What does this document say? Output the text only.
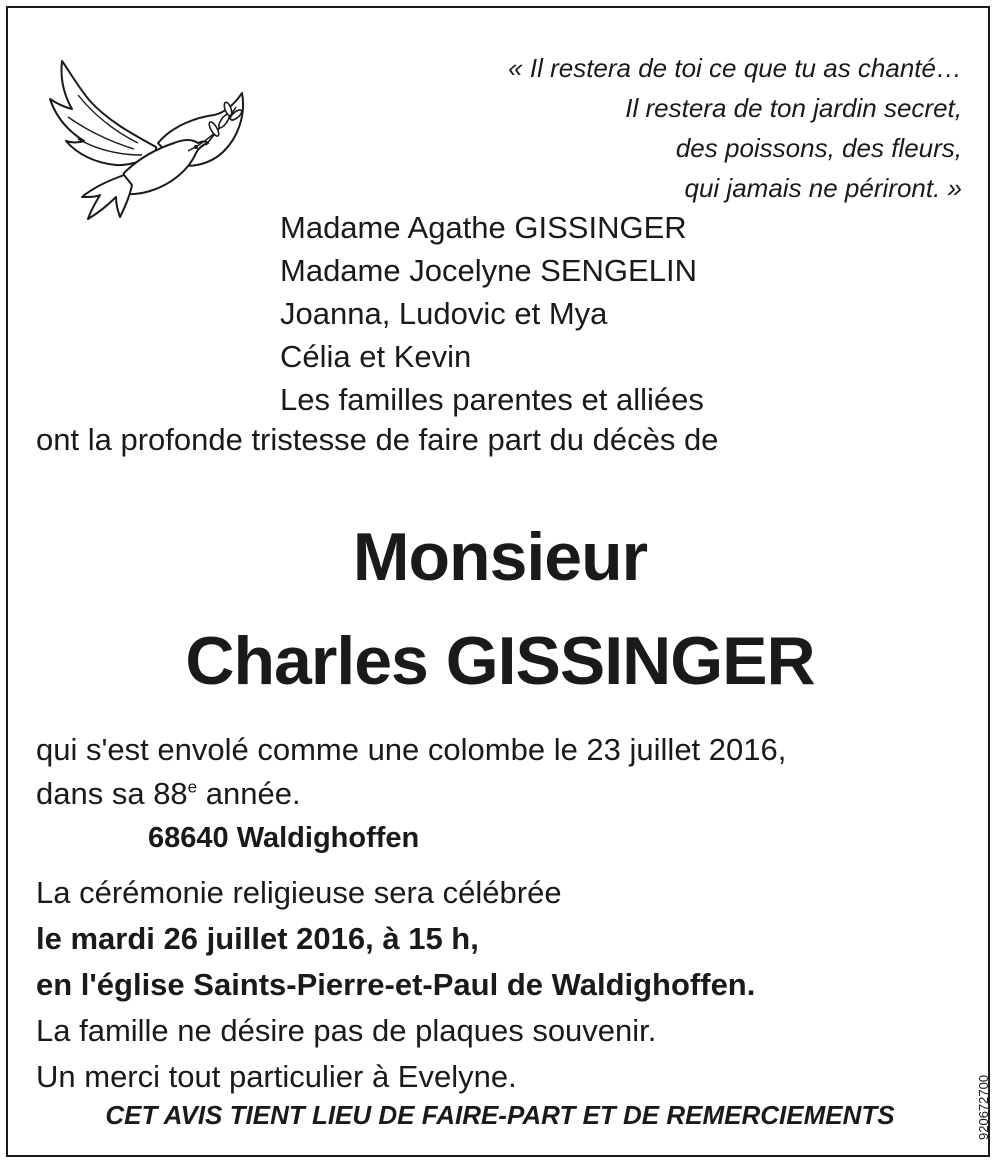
« Il restera de toi ce que tu as chanté…
Il restera de ton jardin secret,
des poissons, des fleurs,
qui jamais ne périront. »
Madame Agathe GISSINGER
Madame Jocelyne SENGELIN
Joanna, Ludovic et Mya
Célia et Kevin
Les familles parentes et alliées
ont la profonde tristesse de faire part du décès de
Monsieur
Charles GISSINGER
qui s'est envolé comme une colombe le 23 juillet 2016,
dans sa 88e année.
68640 Waldighoffen
La cérémonie religieuse sera célébrée
le mardi 26 juillet 2016, à 15 h,
en l'église Saints-Pierre-et-Paul de Waldighoffen.
La famille ne désire pas de plaques souvenir.
Un merci tout particulier à Evelyne.
CET AVIS TIENT LIEU DE FAIRE-PART ET DE REMERCIEMENTS	920672700
